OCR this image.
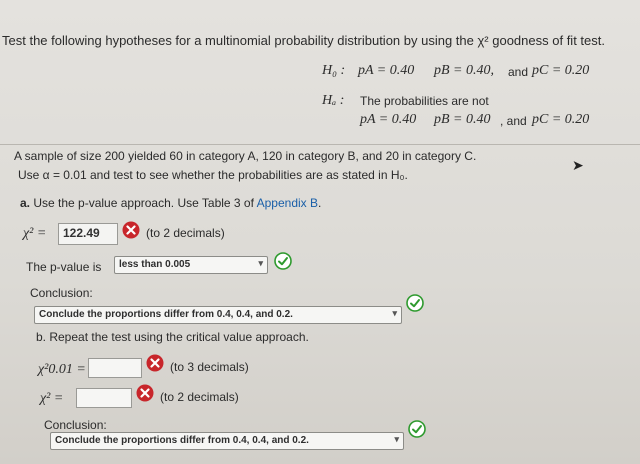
Test the following hypotheses for a multinomial probability distribution by using the χ² goodness of fit test.
H₀ : pA = 0.40 pB = 0.40, and pC = 0.20
Hₐ : The probabilities are not
pA = 0.40 pB = 0.40 , and pC = 0.20
A sample of size 200 yielded 60 in category A, 120 in category B, and 20 in category C.
Use α = 0.01 and test to see whether the probabilities are as stated in H₀.
➤
a. Use the p-value approach. Use Table 3 of Appendix B.
χ² =	122.49	(to 2 decimals)
The p-value is	less than 0.005	▾
Conclusion:
Conclude the proportions differ from 0.4, 0.4, and 0.2.	▾
b. Repeat the test using the critical value approach.
χ²0.01 =	(to 3 decimals)
χ² =	(to 2 decimals)
Conclusion:
Conclude the proportions differ from 0.4, 0.4, and 0.2.	▾
